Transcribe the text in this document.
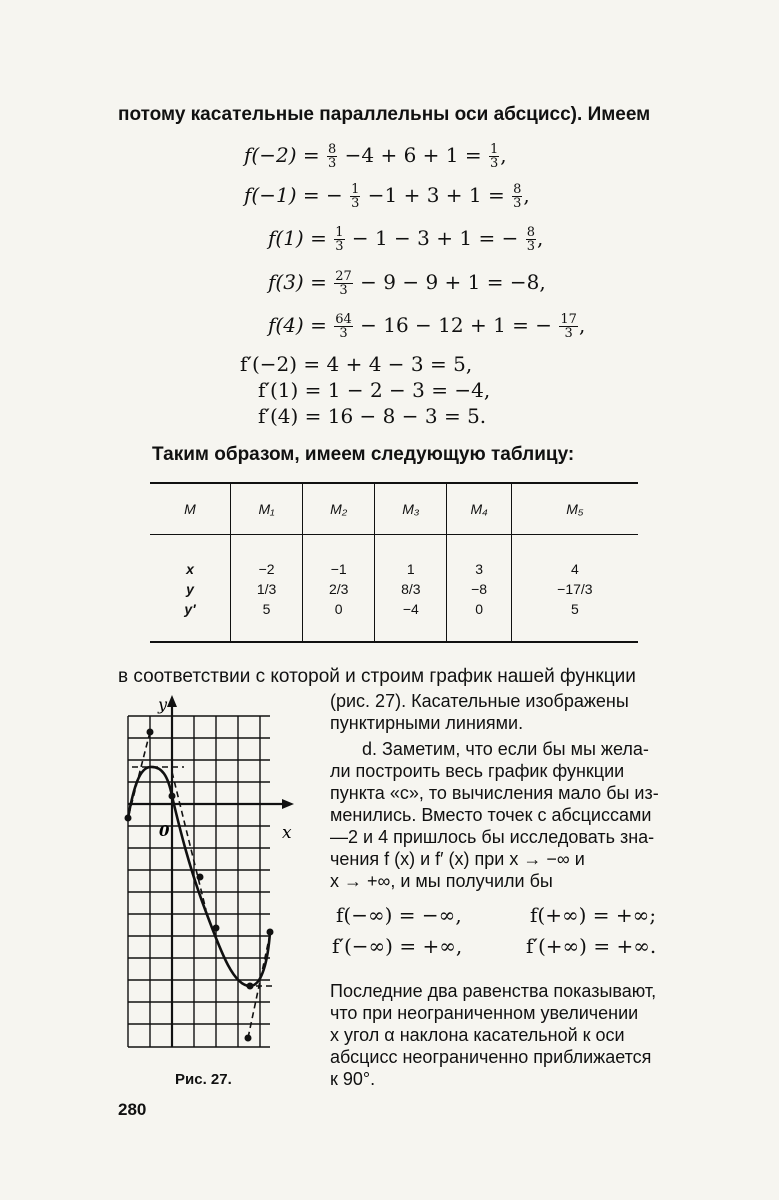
потому касательные параллельны оси абсцисс). Имеем
$f(-2) = \frac{8}{3} -4 + 6 + 1 = \frac{1}{3}$ ,
f(−1) = − $\frac{1}{3} -1 + 3 + 1 = \frac{8}{3}$ ,
$f(1) = \frac{1}{3} - 1 - 3 + 1$ = − $\frac{8}{3}$ ,
$f(3) = \frac{27}{3} - 9 - 9 + 1 = -8$,
$f(4) = \frac{64}{3} - 16 - 12 + 1$ = − $\frac{17}{3}$ ,
f′(−2) = 4 + 4 − 3 = 5,
f′(1) = 1 − 2 − 3 = −4,
f′(4) = 16 − 8 − 3 = 5.
Таким образом, имеем следующую таблицу:
M	M₁	M₂	M₃	M₄	M₅
x	−2	−1	1	3	4
y	1/3	2/3	8/3	−8	−17/3
y′	5	0	−4	0	5
в соответствии с которой и строим график нашей функции
(рис. 27). Касательные изображены
пунктирными линиями.
d. Заметим, что если бы мы жела-
ли построить весь график функции
пункта «c», то вычисления мало бы из-
менились. Вместо точек с абсциссами
—2 и 4 пришлось бы исследовать зна-
чения f (x) и f′ (x) при x → −∞ и
x → +∞, и мы получили бы
f(−∞) = −∞,	f(+∞) = +∞;
f′(−∞) = +∞,	f′(+∞) = +∞.
Последние два равенства показывают,
что при неограниченном увеличении
x угол α наклона касательной к оси
абсцисс неограниченно приближается
к 90°.
y
x
0
Рис. 27.
280
